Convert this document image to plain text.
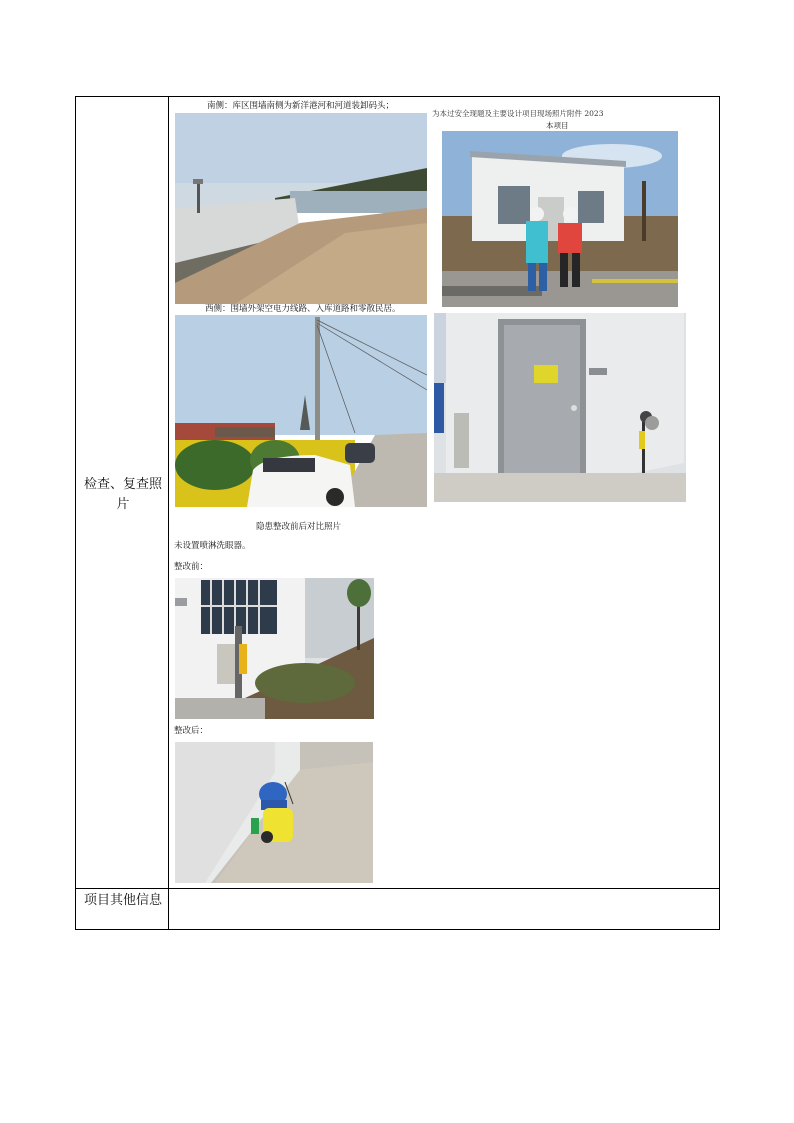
检查、复查照片
项目其他信息
南侧：库区围墙南侧为新洋港河和河道装卸码头；
为本过安全现题及主要设计项目现场照片附件 2023
本项目
西侧：围墙外架空电力线路、入库道路和零散民居。
隐患整改前后对比照片
未设置喷淋洗眼器。
整改前：
整改后：
